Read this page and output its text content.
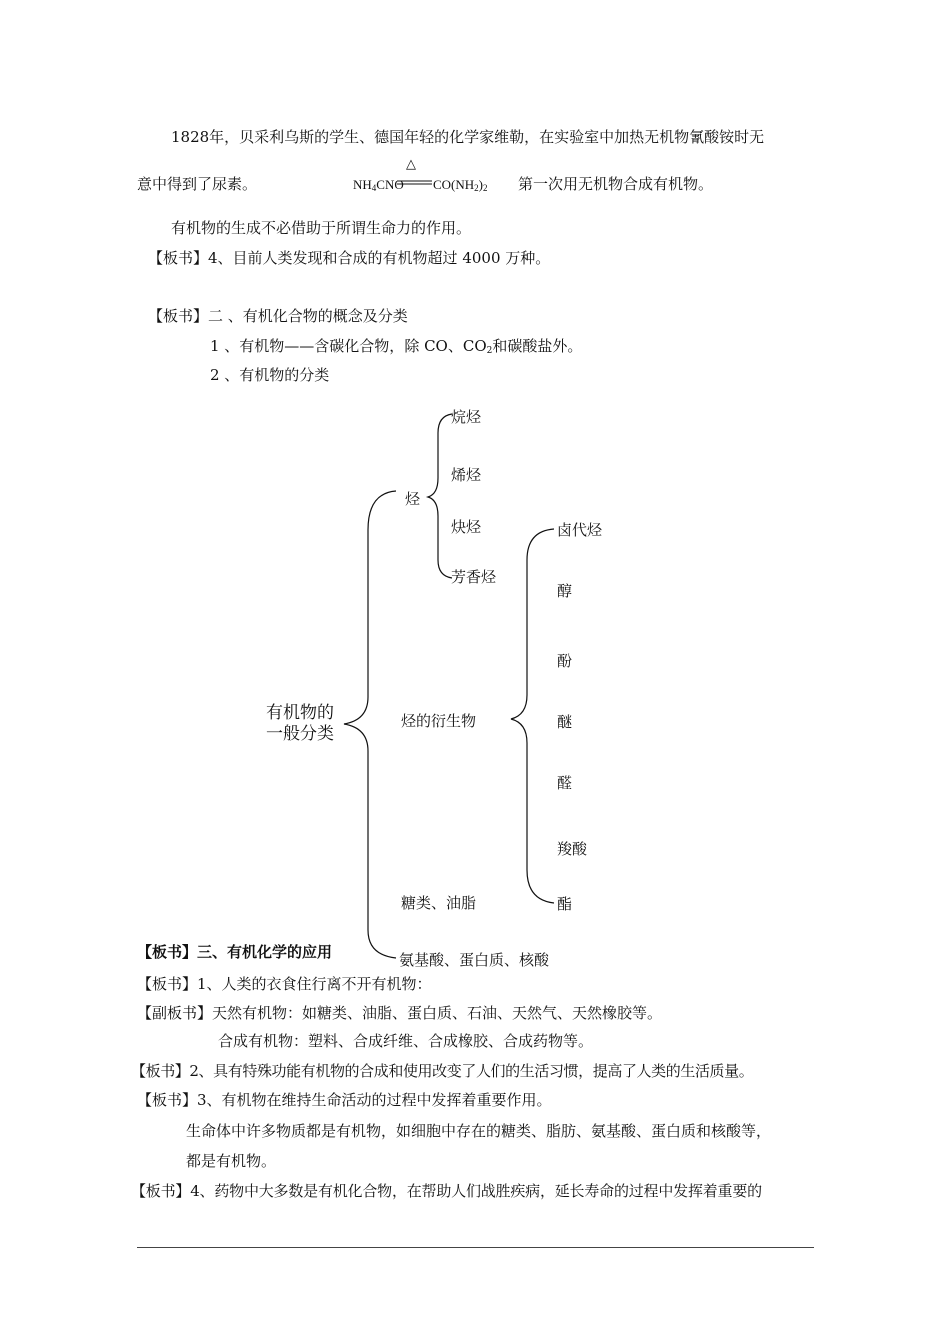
1828年，贝采利乌斯的学生、德国年轻的化学家维勒，在实验室中加热无机物氰酸铵时无
意中得到了尿素。	$NH_4CNO$
△
$CO(NH_2)_2$ 第一次用无机物合成有机物。
有机物的生成不必借助于所谓生命力的作用。
【板书】4、目前人类发现和合成的有机物超过 4000 万种。
【板书】二 、有机化合物的概念及分类
1 、有机物——含碳化合物，除 CO、$CO_2$和碳酸盐外。
2 、有机物的分类
有机物的
一般分类
烃
烃的衍生物
糖类、油脂
氨基酸、蛋白质、核酸
烷烃
烯烃
炔烃
芳香烃
卤代烃
醇
酚
醚
醛
羧酸
酯
【板书】三、有机化学的应用
【板书】1、人类的衣食住行离不开有机物：
【副板书】天然有机物：如糖类、油脂、蛋白质、石油、天然气、天然橡胶等。
合成有机物：塑料、合成纤维、合成橡胶、合成药物等。
【板书】2、具有特殊功能有机物的合成和使用改变了人们的生活习惯，提高了人类的生活质量。
【板书】3、有机物在维持生命活动的过程中发挥着重要作用。
生命体中许多物质都是有机物，如细胞中存在的糖类、脂肪、氨基酸、蛋白质和核酸等，
都是有机物。
【板书】4、药物中大多数是有机化合物，在帮助人们战胜疾病，延长寿命的过程中发挥着重要的
